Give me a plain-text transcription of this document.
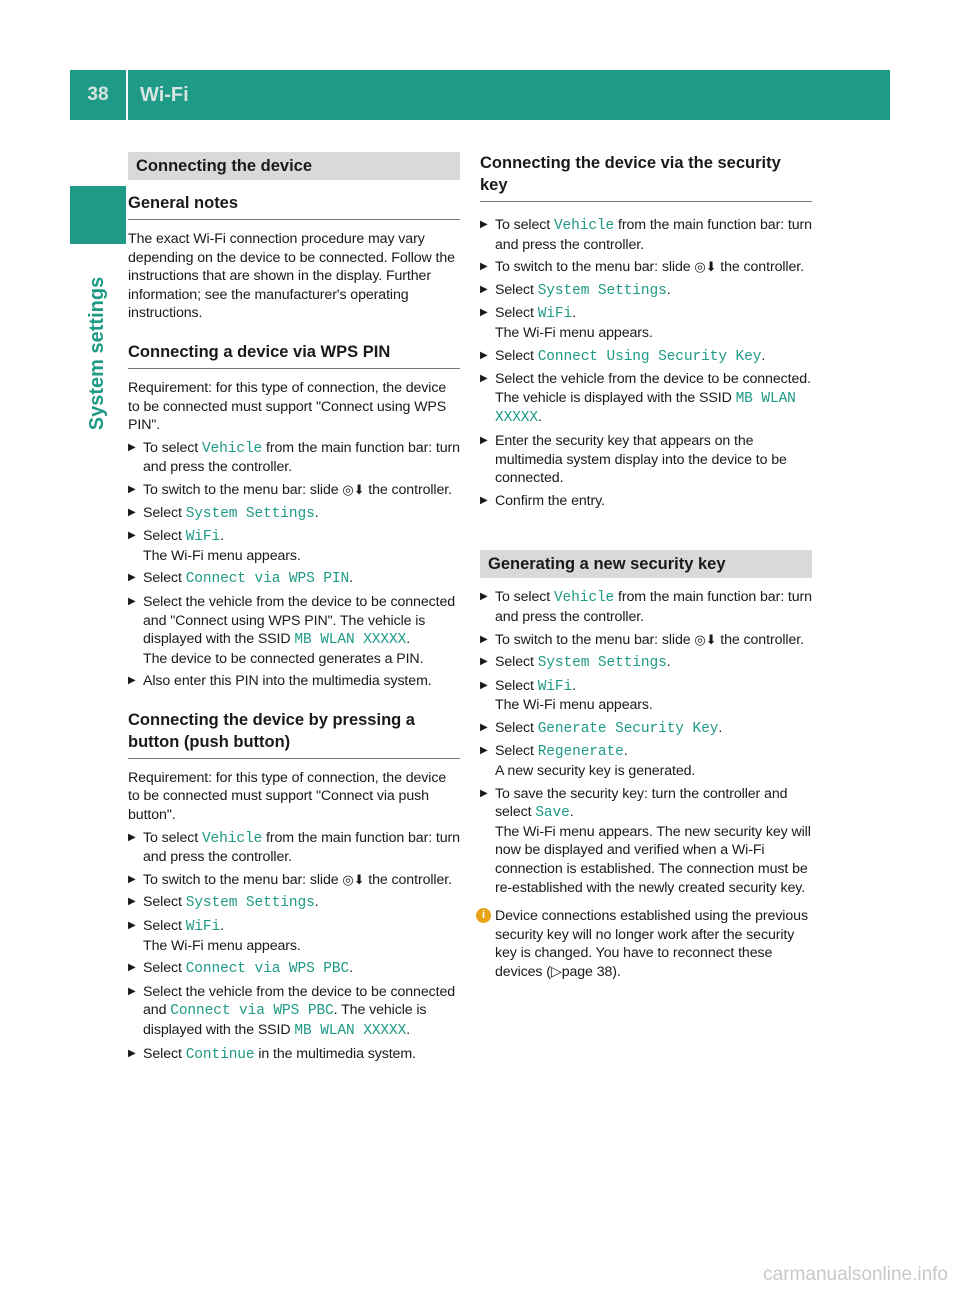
38	Wi-Fi
System settings
Connecting the device
General notes

The exact Wi-Fi connection procedure may vary depending on the device to be connected. Follow the instructions that are shown in the display. Further information; see the manufacturer's operating instructions.

Connecting a device via WPS PIN

Requirement: for this type of connection, the device to be connected must support "Connect using WPS PIN".

▶ To select Vehicle from the main function bar: turn and press the controller.
▶ To switch to the menu bar: slide ◎⬇ the controller.
▶ Select System Settings.
▶ Select WiFi.
The Wi-Fi menu appears.
▶ Select Connect via WPS PIN.
▶ Select the vehicle from the device to be connected and "Connect using WPS PIN". The vehicle is displayed with the SSID MB WLAN XXXXX.
The device to be connected generates a PIN.
▶ Also enter this PIN into the multimedia system.
Connecting the device by pressing a button (push button)

Requirement: for this type of connection, the device to be connected must support "Connect via push button".

▶ To select Vehicle from the main function bar: turn and press the controller.
▶ To switch to the menu bar: slide ◎⬇ the controller.
▶ Select System Settings.
▶ Select WiFi.
The Wi-Fi menu appears.
▶ Select Connect via WPS PBC.
▶ Select the vehicle from the device to be connected and Connect via WPS PBC. The vehicle is displayed with the SSID MB WLAN XXXXX.
▶ Select Continue in the multimedia system.
Connecting the device via the security key
▶ To select Vehicle from the main function bar: turn and press the controller.
▶ To switch to the menu bar: slide ◎⬇ the controller.
▶ Select System Settings.
▶ Select WiFi.
The Wi-Fi menu appears.
▶ Select Connect Using Security Key.
▶ Select the vehicle from the device to be connected. The vehicle is displayed with the SSID MB WLAN XXXXX.
▶ Enter the security key that appears on the multimedia system display into the device to be connected.
▶ Confirm the entry.
Generating a new security key
▶ To select Vehicle from the main function bar: turn and press the controller.
▶ To switch to the menu bar: slide ◎⬇ the controller.
▶ Select System Settings.
▶ Select WiFi.
The Wi-Fi menu appears.
▶ Select Generate Security Key.
▶ Select Regenerate.
A new security key is generated.
▶ To save the security key: turn the controller and select Save.
The Wi-Fi menu appears. The new security key will now be displayed and verified when a Wi-Fi connection is established. The connection must be re-established with the newly created security key.
i Device connections established using the previous security key will no longer work after the security key is changed. You have to reconnect these devices (▷page 38).
carmanualsonline.info
